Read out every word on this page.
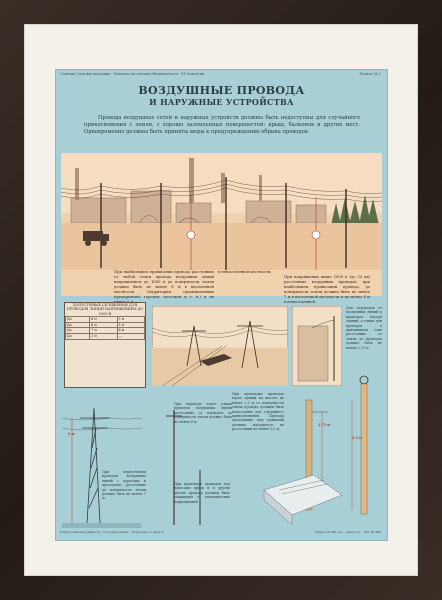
Главная Госэнергонадзора · Плакаты по технике безопасности · 33 плакатов	Плакат № 1
ВОЗДУШНЫЕ ПРОВОДА
И НАРУЖНЫЕ УСТРОЙСТВА
Провода воздушных сетей и наружных устройств должны быть недоступны для случайного прикосновения с земли, с хорошо заземленных поверхностей: крыш, балконов и других мест. Одновременно должны быть приняты меры к предупреждению обрыва проводов.
При наибольшем провисании провода расстояние от любой точки провода воздушных линий напряжением до 1000 в до поверхности земли должно быть не менее 6 м в населенной местности (территории промышленных предприятий, городов, поселков и т. п.) и не
в ненаселенной местности.
При напряжении выше 1000 в (до 35 кв) расстояние воздушных проводов, при наибольшем провисании провода, до поверхности земли должно быть не менее 7 м в населенной местности и не менее 6 м в ненаселенной.
ДОПУСТИМЫЕ СБЛИЖЕНИЯ ДЛЯ ПРОВОДОВ ЛИНИЙ НАПРЯЖЕНИЕМ ДО 1000 В
До	6 м	5 м
До	6 м	5 м
До	7 м	6 м
До	2 м	—
Для переходов от воздушных линий к проводам внутри зданий, а также для проводов к приемникам тока расстояние от земли до проводов должно быть не менее 2,75 м.
6 м
При пересечении проводов воздушных линий с дорогами и проездами расстояние до поверхности земли должно быть не менее 7 м.
При переходе через улицы проводов воздушных линий расстояние от проводов до поверхности земли должно быть не менее 6 м.
При прокладке проводов вдоль зданий на высоте не менее 2,5 м от поверхности земли провода должны быть недоступны для случайного прикосновения. Провода проходящие над крышами должны находиться на расстоянии не менее 2,5 м.
При прокладке проводов под навесами крыш и в других местах провода должны быть защищены от механических повреждений.
2,75 м
2,5 м
Ответственный редактор · Госэнергоиздат · Подписано к печати	Тираж 25 000 экз. · Цена 1 р. · Зак. № 489
